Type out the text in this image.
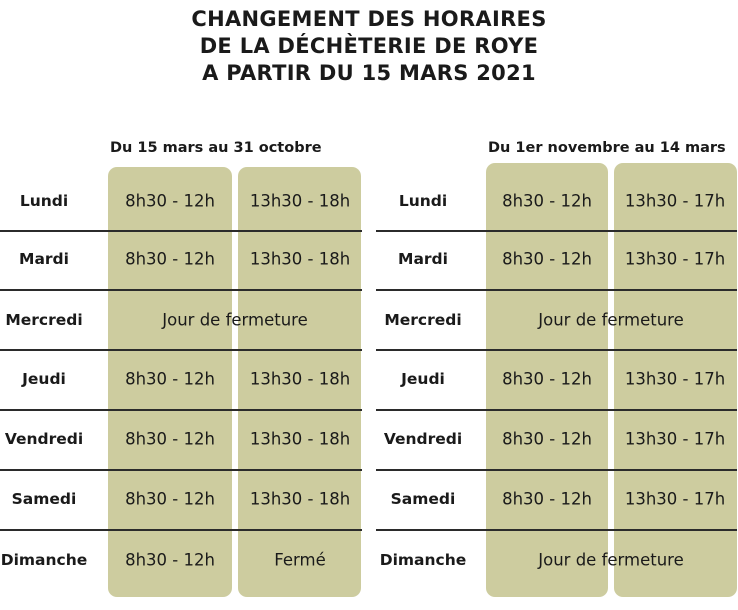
CHANGEMENT DES HORAIRES
DE LA DÉCHÈTERIE DE ROYE
A PARTIR DU 15 MARS 2021
Du 15 mars au 31 octobre	Du 1er novembre au 14 mars
Lundi	8h30 - 12h 13h30 - 18h
Mardi	8h30 - 12h 13h30 - 18h
Mercredi	Jour de fermeture
Jeudi	8h30 - 12h 13h30 - 18h
Vendredi	8h30 - 12h 13h30 - 18h
Samedi	8h30 - 12h 13h30 - 18h
Dimanche 8h30 - 12h	Fermé
Lundi	8h30 - 12h 13h30 - 17h
Mardi	8h30 - 12h 13h30 - 17h
Mercredi	Jour de fermeture
Jeudi	8h30 - 12h 13h30 - 17h
Vendredi 8h30 - 12h 13h30 - 17h
Samedi	8h30 - 12h 13h30 - 17h
Dimanche	Jour de fermeture
